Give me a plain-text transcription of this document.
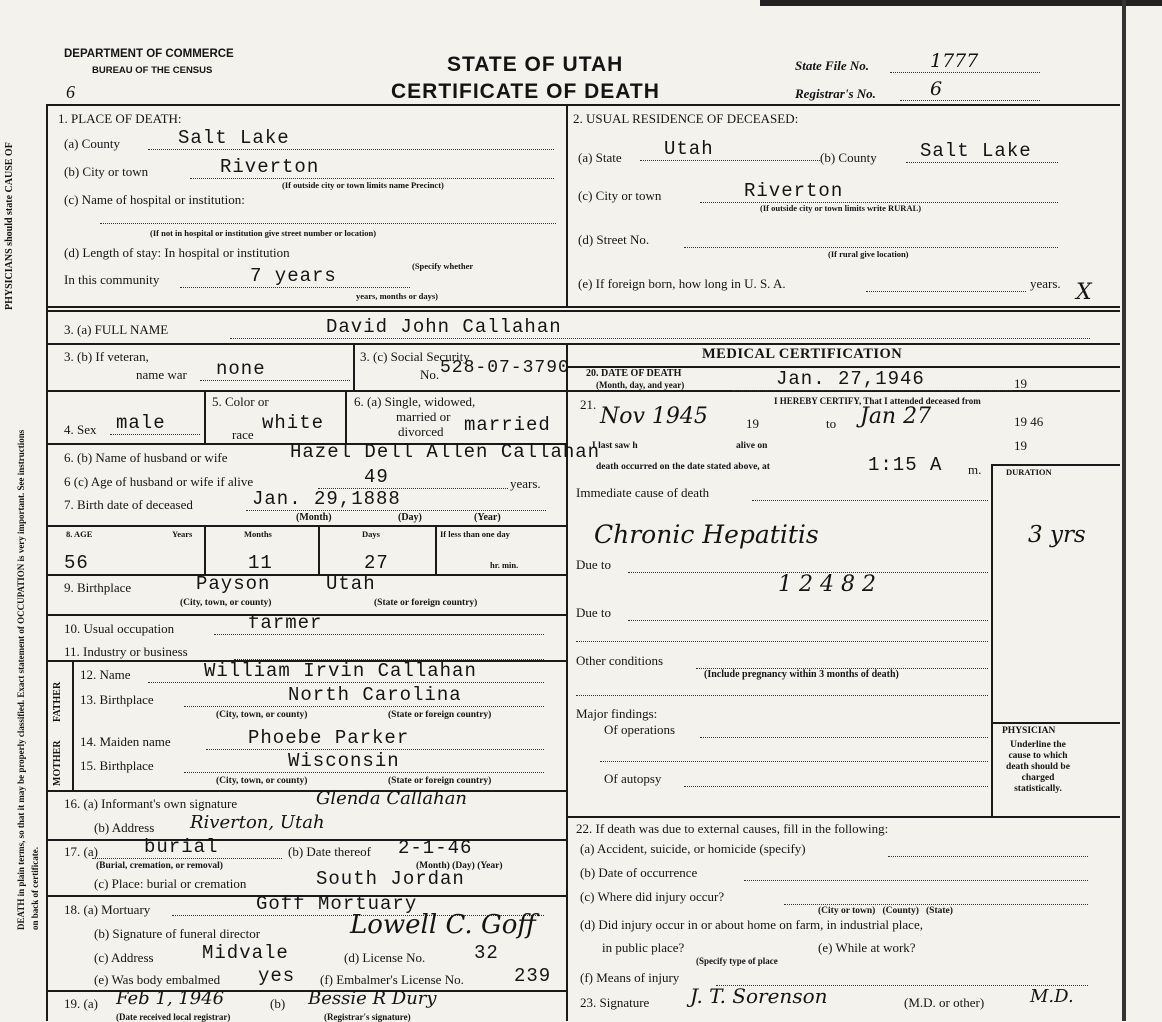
PHYSICIANS should state CAUSE OF
DEATH in plain terms, so that it may be properly classified. Exact statement of OCCUPATION is very important. See instructions on back of certificate.
DEPARTMENT OF COMMERCE
BUREAU OF THE CENSUS
6
STATE OF UTAH
CERTIFICATE OF DEATH
State File No.	1777
Registrar's No.	6
1. PLACE OF DEATH:
(a) County	Salt Lake
(b) City or town	Riverton
(If outside city or town limits name Precinct)
(c) Name of hospital or institution:
(If not in hospital or institution give street number or location)
(d) Length of stay: In hospital or institution
(Specify whether
In this community	7 years
years, months or days)
2. USUAL RESIDENCE OF DECEASED:
(a) State	Utah	(b) County	Salt Lake
(c) City or town	Riverton
(If outside city or town limits write RURAL)
(d) Street No.
(If rural give location)
(e) If foreign born, how long in U. S. A.	years. X
3. (a) FULL NAME	David John Callahan
3. (b) If veteran,
name war	none
3. (c) Social Security
No. 528-07-3790
4. Sex	male
5. Color or
race
white
6. (a) Single, widowed,
married or
divorced married
6. (b) Name of husband or wife	Hazel Dell Allen Callahan
6 (c) Age of husband or wife if alive	49	years.
7. Birth date of deceased	Jan. 29,1888
(Month)	(Day)	(Year)
8. AGE	Years	Months	Days	If less than one day
56	11	27	hr. min.
9. Birthplace	Payson	Utah
(City, town, or county)	(State or foreign country)
10. Usual occupation	farmer
11. Industry or business
FATHER
MOTHER
12. Name	William Irvin Callahan
13. Birthplace	North Carolina
(City, town, or county)	(State or foreign country)
14. Maiden name	Phoebe Parker
15. Birthplace	Wisconsin
(City, town, or county)	(State or foreign country)
16. (a) Informant's own signature	Glenda Callahan
(b) Address Riverton, Utah
17. (a)	burial
(Burial, cremation, or removal)
(b) Date thereof 2-1-46
(Month) (Day) (Year)
(c) Place: burial or cremation	South Jordan
18. (a) Mortuary	Goff Mortuary
(b) Signature of funeral director	Lowell C. Goff
(c) Address	Midvale	(d) License No.	32
(e) Was body embalmed yes (f) Embalmer's License No.	239
19. (a) Feb 1, 1946	(b) Bessie R Dury
(Date received local registrar)	(Registrar's signature)
MEDICAL CERTIFICATION
20. DATE OF DEATH
(Month, day, and year)	Jan. 27,1946	19
21.	I HEREBY CERTIFY, That I attended deceased from
Nov 1945	19	to Jan 27	19 46
I last saw h	alive on	19
death occurred on the date stated above, at	1:15 A m.	DURATION
Immediate cause of death
Chronic Hepatitis	3 yrs
Due to
1 2 4 8 2
Due to
Other conditions
(Include pregnancy within 3 months of death)
Major findings:
Of operations
Of autopsy
PHYSICIAN
Underline the cause to which death should be charged statistically.
22. If death was due to external causes, fill in the following:
(a) Accident, suicide, or homicide (specify)
(b) Date of occurrence
(c) Where did injury occur?
(City or town)   (County)   (State)
(d) Did injury occur in or about home on farm, in industrial place,
in public place?	(e) While at work?
(Specify type of place
(f) Means of injury
23. Signature J. T. Sorenson	(M.D. or other)	M.D.
